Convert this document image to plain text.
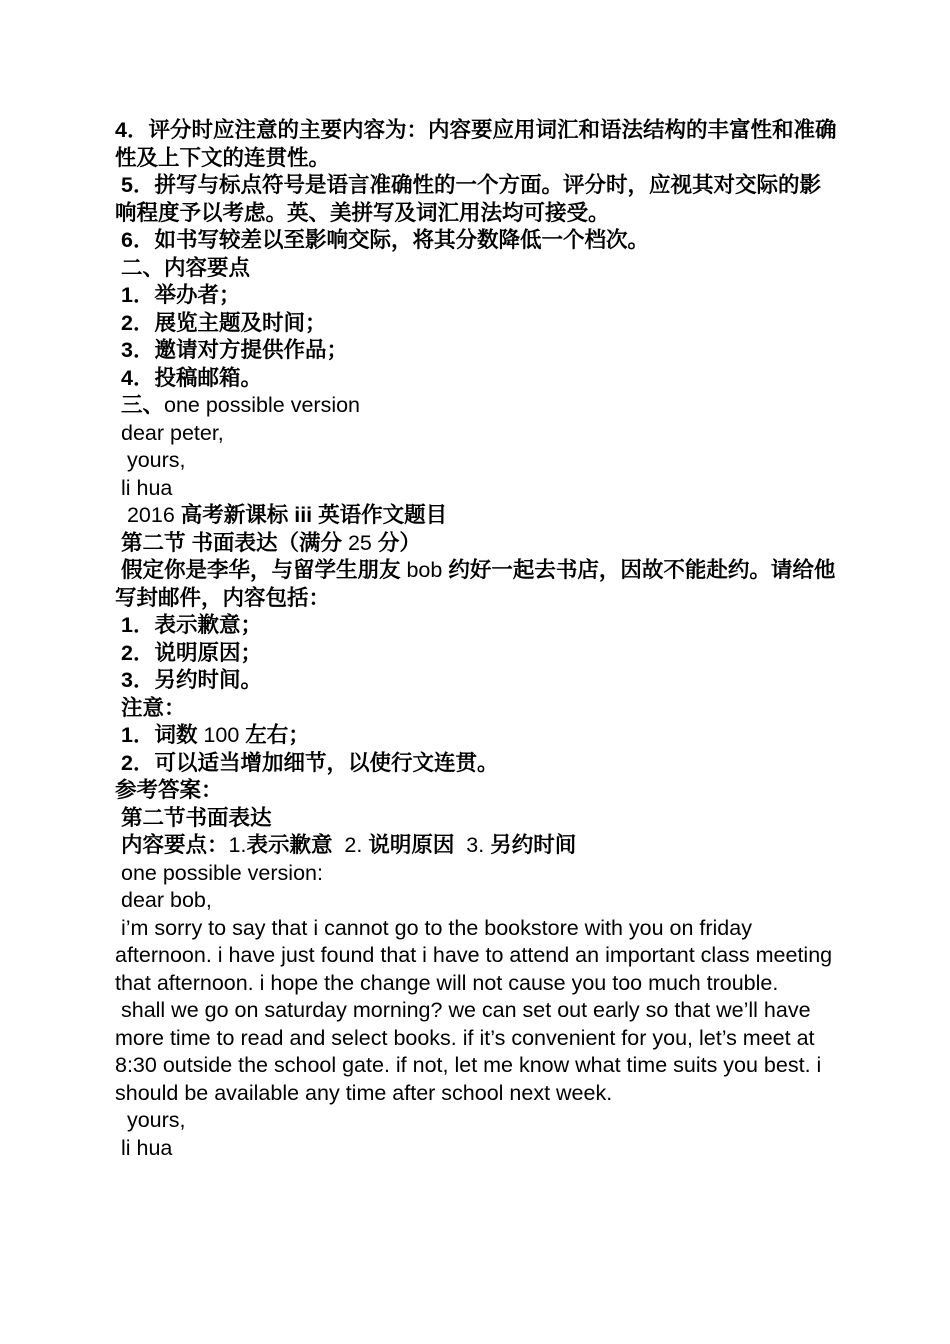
4．评分时应注意的主要内容为：内容要应用词汇和语法结构的丰富性和准确性及上下文的连贯性。

5．拼写与标点符号是语言准确性的一个方面。评分时，应视其对交际的影响程度予以考虑。英、美拼写及词汇用法均可接受。

6．如书写较差以至影响交际，将其分数降低一个档次。

二、内容要点

1．举办者；

2．展览主题及时间；

3．邀请对方提供作品；

4．投稿邮箱。

三、one possible version

dear peter,

yours,

li hua

2016 高考新课标 iii 英语作文题目

第二节 书面表达（满分 25 分）

假定你是李华，与留学生朋友 bob 约好一起去书店，因故不能赴约。请给他写封邮件，内容包括：

1．表示歉意；

2．说明原因；

3．另约时间。

注意：

1．词数 100 左右；

2．可以适当增加细节，以使行文连贯。

参考答案：

第二节书面表达

内容要点：1.表示歉意  2. 说明原因  3. 另约时间

one possible version:

dear bob,

i’m sorry to say that i cannot go to the bookstore with you on friday afternoon. i have just found that i have to attend an important class meeting that afternoon. i hope the change will not cause you too much trouble.

shall we go on saturday morning? we can set out early so that we’ll have more time to read and select books. if it’s convenient for you, let’s meet at 8:30 outside the school gate. if not, let me know what time suits you best. i should be available any time after school next week.

yours,

li hua
